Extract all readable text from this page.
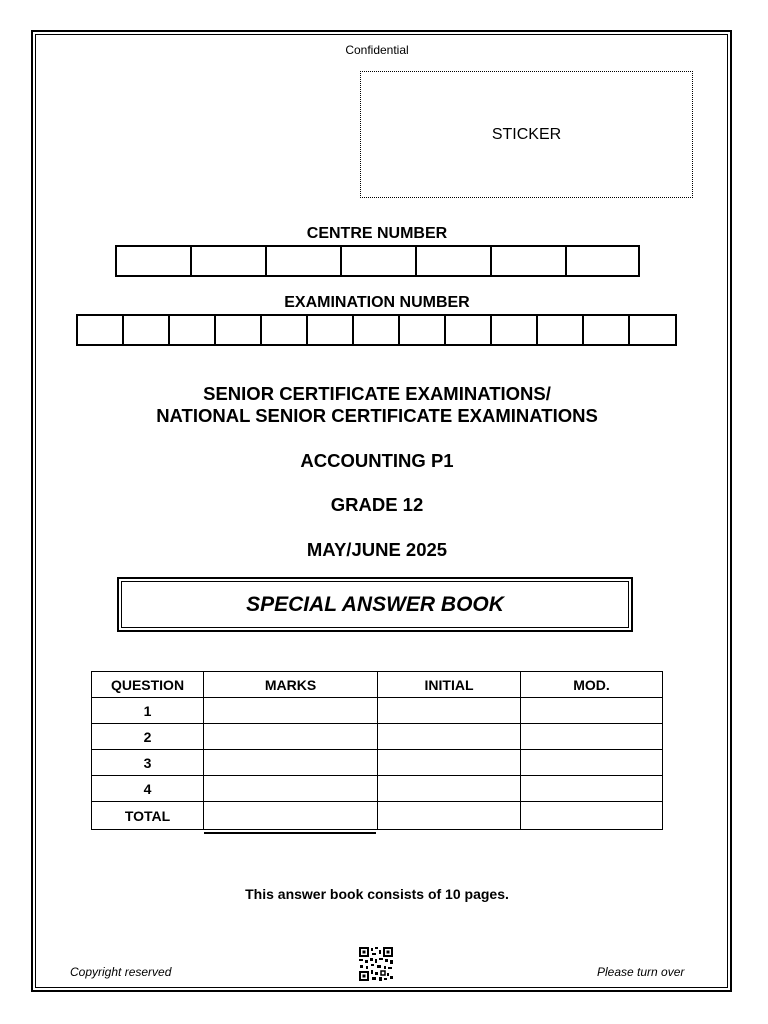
Confidential
STICKER
CENTRE NUMBER
EXAMINATION NUMBER
SENIOR CERTIFICATE EXAMINATIONS/
NATIONAL SENIOR CERTIFICATE EXAMINATIONS
ACCOUNTING P1
GRADE 12
MAY/JUNE 2025
SPECIAL ANSWER BOOK
QUESTION	MARKS	INITIAL	MOD.
1			
2			
3			
4			
TOTAL			
This answer book consists of 10 pages.
Copyright reserved	Please turn over
